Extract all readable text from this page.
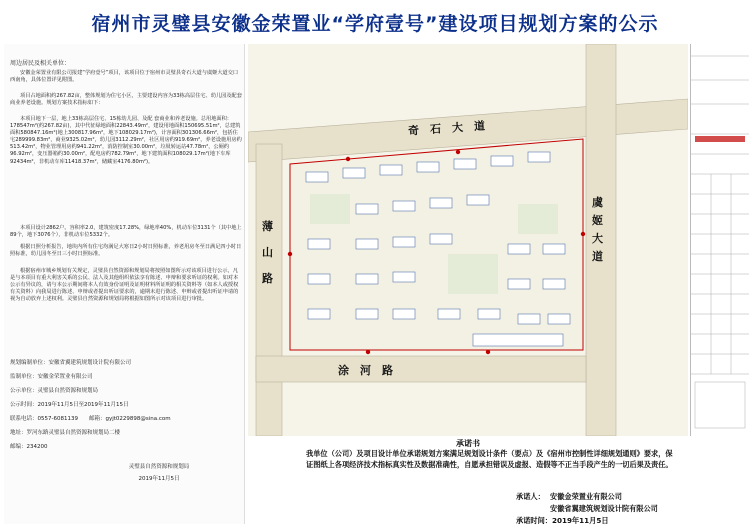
宿州市灵璧县安徽金荣置业“学府壹号”建设项目规划方案的公示
周边居民及相关单位：
安徽金荣置业有限公司报建“学府壹号”项目，该项目位于宿州市灵璧县奇石大道与虞姬大道交口西南角，具体位置详见附图。
项目占地面积约267.82亩，整体规划为住宅小区，主要建设内容为33栋高层住宅、幼儿园及配套商业养老设施。规划方案技术指标如下：
本项目地下一层，地上33栋高层住宅、15栋幼儿园、及配 套商业和养老设施。总用地面积：178547m²(约267.82亩)，其中代征绿地面积22843.49m²，建设用地面积150695.51m²，总建筑面积580847.16m²(地上300817.96m²，地下108029.17m²)，计容面积301306.66m²，包括住宅289999.83m²，商业9325.02m²，幼儿园3112.29m²，社区用房约919.69m²，养老设施用房约513.42m²，物业管理用房约941.22m²，消防控制室30.00m²，垃圾转运站47.78m²，公厕约96.92m²，变压器箱约30.00m²，配电房约782.79m²，地下建筑面积108029.17m²(地下车库92434m²，非机动车库11418.37m²，储藏室4176.80m²)。
本项目设计2862户。容积率2.0，建筑密度17.28%，绿地率40%，机动车位3131个（其中地上89个，地下3076个），非机动车位5332个。
根据日照分析报告，地块内所有住宅均满足大寒日2小时日照标准，养老用房冬至日满足四小时日照标准，幼儿园冬至日三小时日照标准。
根据宿州市城乡规划有关规定，灵璧县自然资源和规划局将按照如图所示对该项目进行公示，凡是与本项目有重大利害关系的公民、法人及其他组织依法享有陈述、申辩和要求听证的权利。如对本公示有异议的，请与本公示期间将本人有效身份证明及证明材料所证明的相关资料等（如本人或授权有关资料）向我局进行陈述、申辩或者提出听证要求的，逾期未进行陈述、申辩或者提出听证申请的视为自动放弃上述权利。灵璧县自然资源和规划局将根据如图所示对该项目进行审批。
规划编制单位：安徽省翼建筑规划设计院有限公司
监制单位：安徽金荣置业有限公司
公示单位：灵璧县自然资源和规划局
公示时间：2019年11月5日至2019年11月15日
联系电话：0557-6081139　　邮箱：gyjt0229898@sina.com
地址：罗河东路灵璧县自然资源和规划局二楼
邮编：234200
灵璧县自然资源和规划局
2019年11月5日
奇　石　大　道
虞姬大道
薄山路
涂　河　路
承诺书
我单位（公司）及项目设计单位承诺规划方案满足规划设计条件（要点）及《宿州市控制性详细规划通则》要求，保证图纸上各项经济技术指标真实性及数据准确性，自愿承担错误及虚报、造假等不正当手段产生的一切后果及责任。
承诺人： 安徽金荣置业有限公司
安徽省翼建筑规划设计院有限公司
承诺时间：2019年11月5日
